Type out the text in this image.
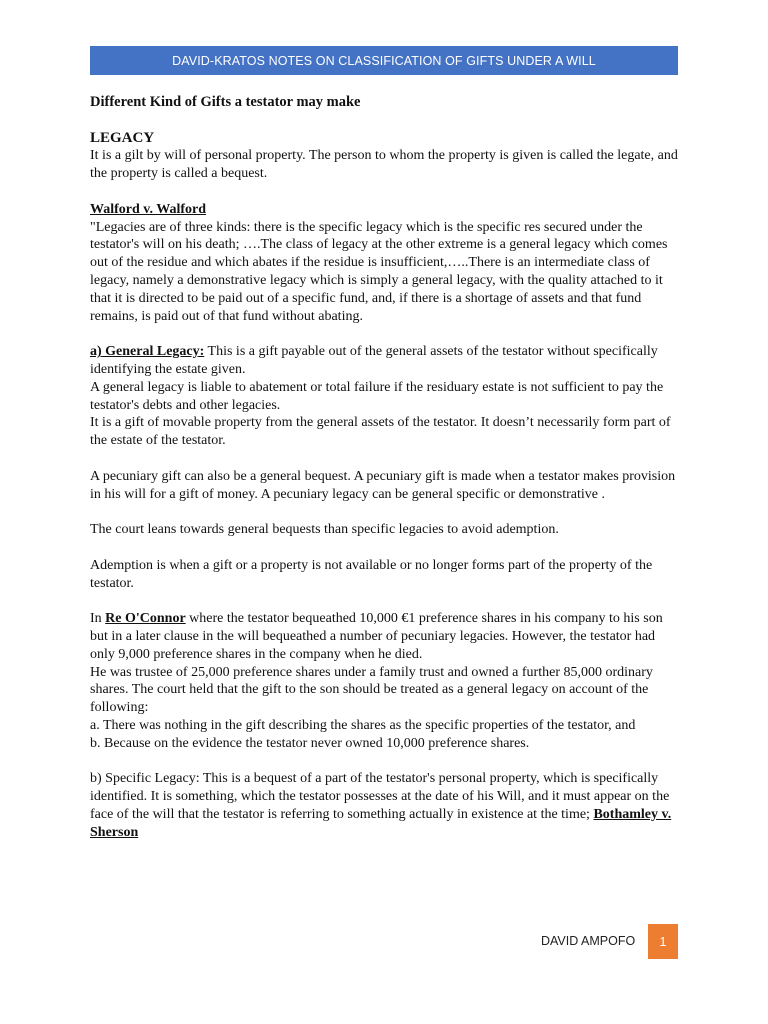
DAVID-KRATOS NOTES ON CLASSIFICATION OF GIFTS UNDER A WILL

Different Kind of Gifts a testator may make

LEGACY

It is a gilt by will of personal property. The person to whom the property is given is called the legate, and the property is called a bequest.

Walford v. Walford

"Legacies are of three kinds: there is the specific legacy which is the specific res secured under the testator's will on his death; ….The class of legacy at the other extreme is a general legacy which comes out of the residue and which abates if the residue is insufficient,…..There is an intermediate class of legacy, namely a demonstrative legacy which is simply a general legacy, with the quality attached to it that it is directed to be paid out of a specific fund, and, if there is a shortage of assets and that fund remains, is paid out of that fund without abating.

a) General Legacy: This is a gift payable out of the general assets of the testator without specifically identifying the estate given.

A general legacy is liable to abatement or total failure if the residuary estate is not sufficient to pay the testator's debts and other legacies.

It is a gift of movable property from the general assets of the testator. It doesn’t necessarily form part of the estate of the testator.

A pecuniary gift can also be a general bequest. A pecuniary gift is made when a testator makes provision in his will for a gift of money. A pecuniary legacy can be general specific or demonstrative .

The court leans towards general bequests than specific legacies to avoid ademption.

Ademption is when a gift or a property is not available or no longer forms part of the property of the testator.

In Re O'Connor where the testator bequeathed 10,000 €1 preference shares in his company to his son but in a later clause in the will bequeathed a number of pecuniary legacies. However, the testator had only 9,000 preference shares in the company when he died.

He was trustee of 25,000 preference shares under a family trust and owned a further 85,000 ordinary shares. The court held that the gift to the son should be treated as a general legacy on account of the following:

a. There was nothing in the gift describing the shares as the specific properties of the testator, and

b. Because on the evidence the testator never owned 10,000 preference shares.

b) Specific Legacy: This is a bequest of a part of the testator's personal property, which is specifically identified. It is something, which the testator possesses at the date of his Will, and it must appear on the face of the will that the testator is referring to something actually in existence at the time; Bothamley v. Sherson

DAVID AMPOFO 1
